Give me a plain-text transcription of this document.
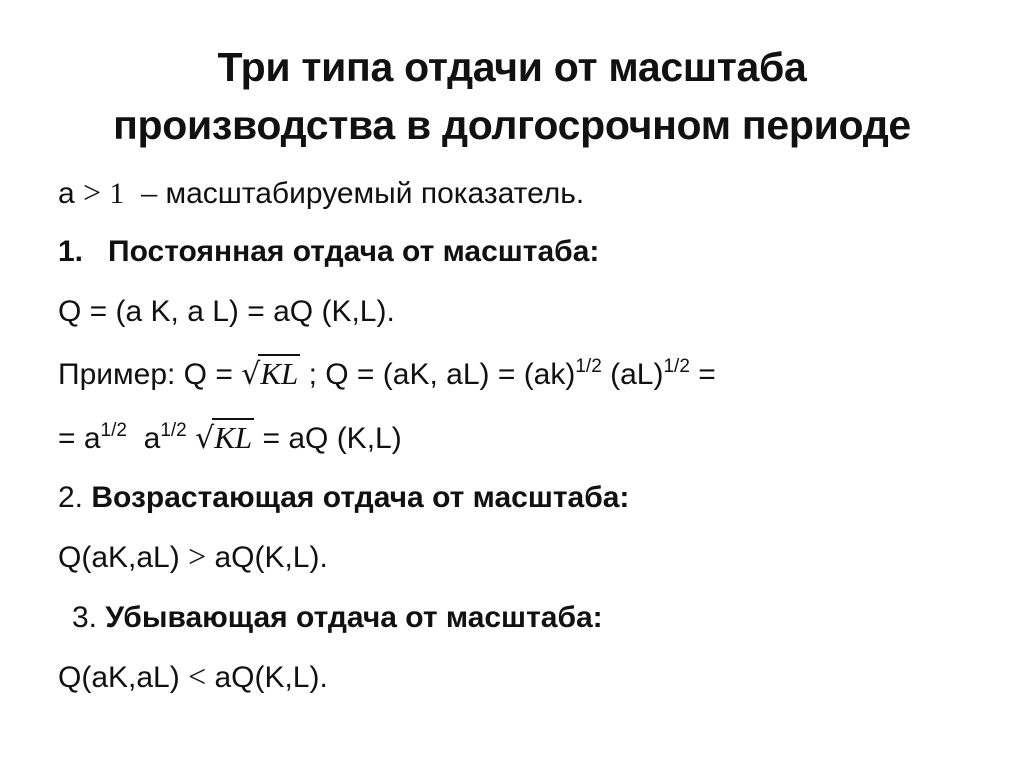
Три типа отдачи от масштаба
производства в долгосрочном периоде
a > 1 – масштабируемый показатель.
1. Постоянная отдача от масштаба:
Q = (a K, a L) = aQ (K,L).
Пример: Q = √KL ; Q = (aK, aL) = (ak)$^{1/2}$ (aL)$^{1/2}$ =
= $a^{1/2}$ $a^{1/2}$ √KL = aQ (K,L)
2. Возрастающая отдача от масштаба:
Q(aK,aL) > aQ(K,L).
3. Убывающая отдача от масштаба:
Q(aK,aL) < aQ(K,L).
